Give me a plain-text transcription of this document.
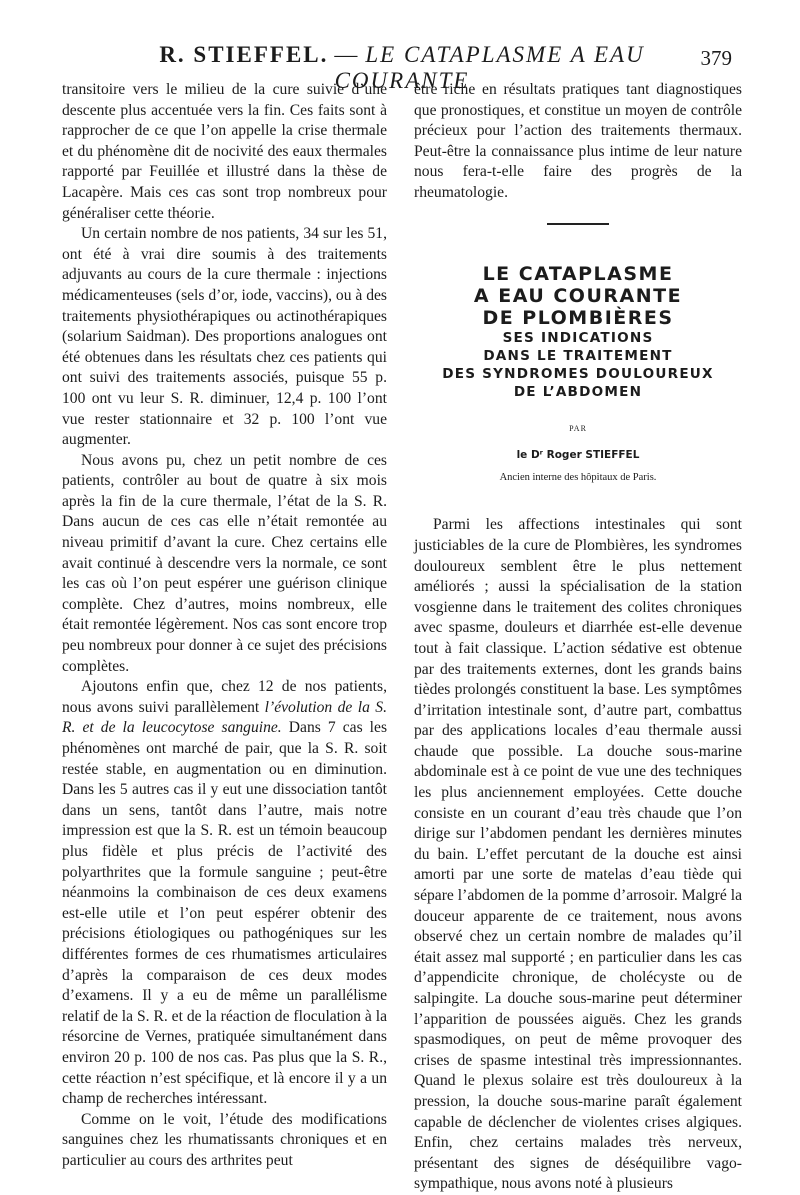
R. STIEFFEL. — LE CATAPLASME A EAU COURANTE
379

transitoire vers le milieu de la cure suivie d’une descente plus accentuée vers la fin. Ces faits sont à rapprocher de ce que l’on appelle la crise thermale et du phénomène dit de nocivité des eaux thermales rapporté par Feuillée et illustré dans la thèse de Lacapère. Mais ces cas sont trop nombreux pour généraliser cette théorie.

Un certain nombre de nos patients, 34 sur les 51, ont été à vrai dire soumis à des traitements adjuvants au cours de la cure thermale : injections médicamenteuses (sels d’or, iode, vaccins), ou à des traitements physiothérapiques ou actinothérapiques (solarium Saidman). Des proportions analogues ont été obtenues dans les résultats chez ces patients qui ont suivi des traitements associés, puisque 55 p. 100 ont vu leur S. R. diminuer, 12,4 p. 100 l’ont vue rester stationnaire et 32 p. 100 l’ont vue augmenter.

Nous avons pu, chez un petit nombre de ces patients, contrôler au bout de quatre à six mois après la fin de la cure thermale, l’état de la S. R. Dans aucun de ces cas elle n’était remontée au niveau primitif d’avant la cure. Chez certains elle avait continué à descendre vers la normale, ce sont les cas où l’on peut espérer une guérison clinique complète. Chez d’autres, moins nombreux, elle était remontée légèrement. Nos cas sont encore trop peu nombreux pour donner à ce sujet des précisions complètes.

Ajoutons enfin que, chez 12 de nos patients, nous avons suivi parallèlement l’évolution de la S. R. et de la leucocytose sanguine. Dans 7 cas les phénomènes ont marché de pair, que la S. R. soit restée stable, en augmentation ou en diminution. Dans les 5 autres cas il y eut une dissociation tantôt dans un sens, tantôt dans l’autre, mais notre impression est que la S. R. est un témoin beaucoup plus fidèle et plus précis de l’activité des polyarthrites que la formule sanguine ; peut-être néanmoins la combinaison de ces deux examens est-elle utile et l’on peut espérer obtenir des précisions étiologiques ou pathogéniques sur les différentes formes de ces rhumatismes articulaires d’après la comparaison de ces deux modes d’examens. Il y a eu de même un parallélisme relatif de la S. R. et de la réaction de floculation à la résorcine de Vernes, pratiquée simultanément dans environ 20 p. 100 de nos cas. Pas plus que la S. R., cette réaction n’est spécifique, et là encore il y a un champ de recherches intéressant.

Comme on le voit, l’étude des modifications sanguines chez les rhumatissants chroniques et en particulier au cours des arthrites peut

être riche en résultats pratiques tant diagnostiques que pronostiques, et constitue un moyen de contrôle précieux pour l’action des traitements thermaux. Peut-être la connaissance plus intime de leur nature nous fera-t-elle faire des progrès de la rheumatologie.

LE CATAPLASME
A EAU COURANTE
DE PLOMBIÈRES
SES INDICATIONS
DANS LE TRAITEMENT
DES SYNDROMES DOULOUREUX
DE L’ABDOMEN
PAR
le Dʳ Roger STIEFFEL
Ancien interne des hôpitaux de Paris.

Parmi les affections intestinales qui sont justiciables de la cure de Plombières, les syndromes douloureux semblent être le plus nettement améliorés ; aussi la spécialisation de la station vosgienne dans le traitement des colites chroniques avec spasme, douleurs et diarrhée est-elle devenue tout à fait classique. L’action sédative est obtenue par des traitements externes, dont les grands bains tièdes prolongés constituent la base. Les symptômes d’irritation intestinale sont, d’autre part, combattus par des applications locales d’eau thermale aussi chaude que possible. La douche sous-marine abdominale est à ce point de vue une des techniques les plus anciennement employées. Cette douche consiste en un courant d’eau très chaude que l’on dirige sur l’abdomen pendant les dernières minutes du bain. L’effet percutant de la douche est ainsi amorti par une sorte de matelas d’eau tiède qui sépare l’abdomen de la pomme d’arrosoir. Malgré la douceur apparente de ce traitement, nous avons observé chez un certain nombre de malades qu’il était assez mal supporté ; en particulier dans les cas d’appendicite chronique, de cholécyste ou de salpingite. La douche sous-marine peut déterminer l’apparition de poussées aiguës. Chez les grands spasmodiques, on peut de même provoquer des crises de spasme intestinal très impressionnantes. Quand le plexus solaire est très douloureux à la pression, la douche sous-marine paraît également capable de déclencher de violentes crises algiques. Enfin, chez certains malades très nerveux, présentant des signes de déséquilibre vago-sympathique, nous avons noté à plusieurs
